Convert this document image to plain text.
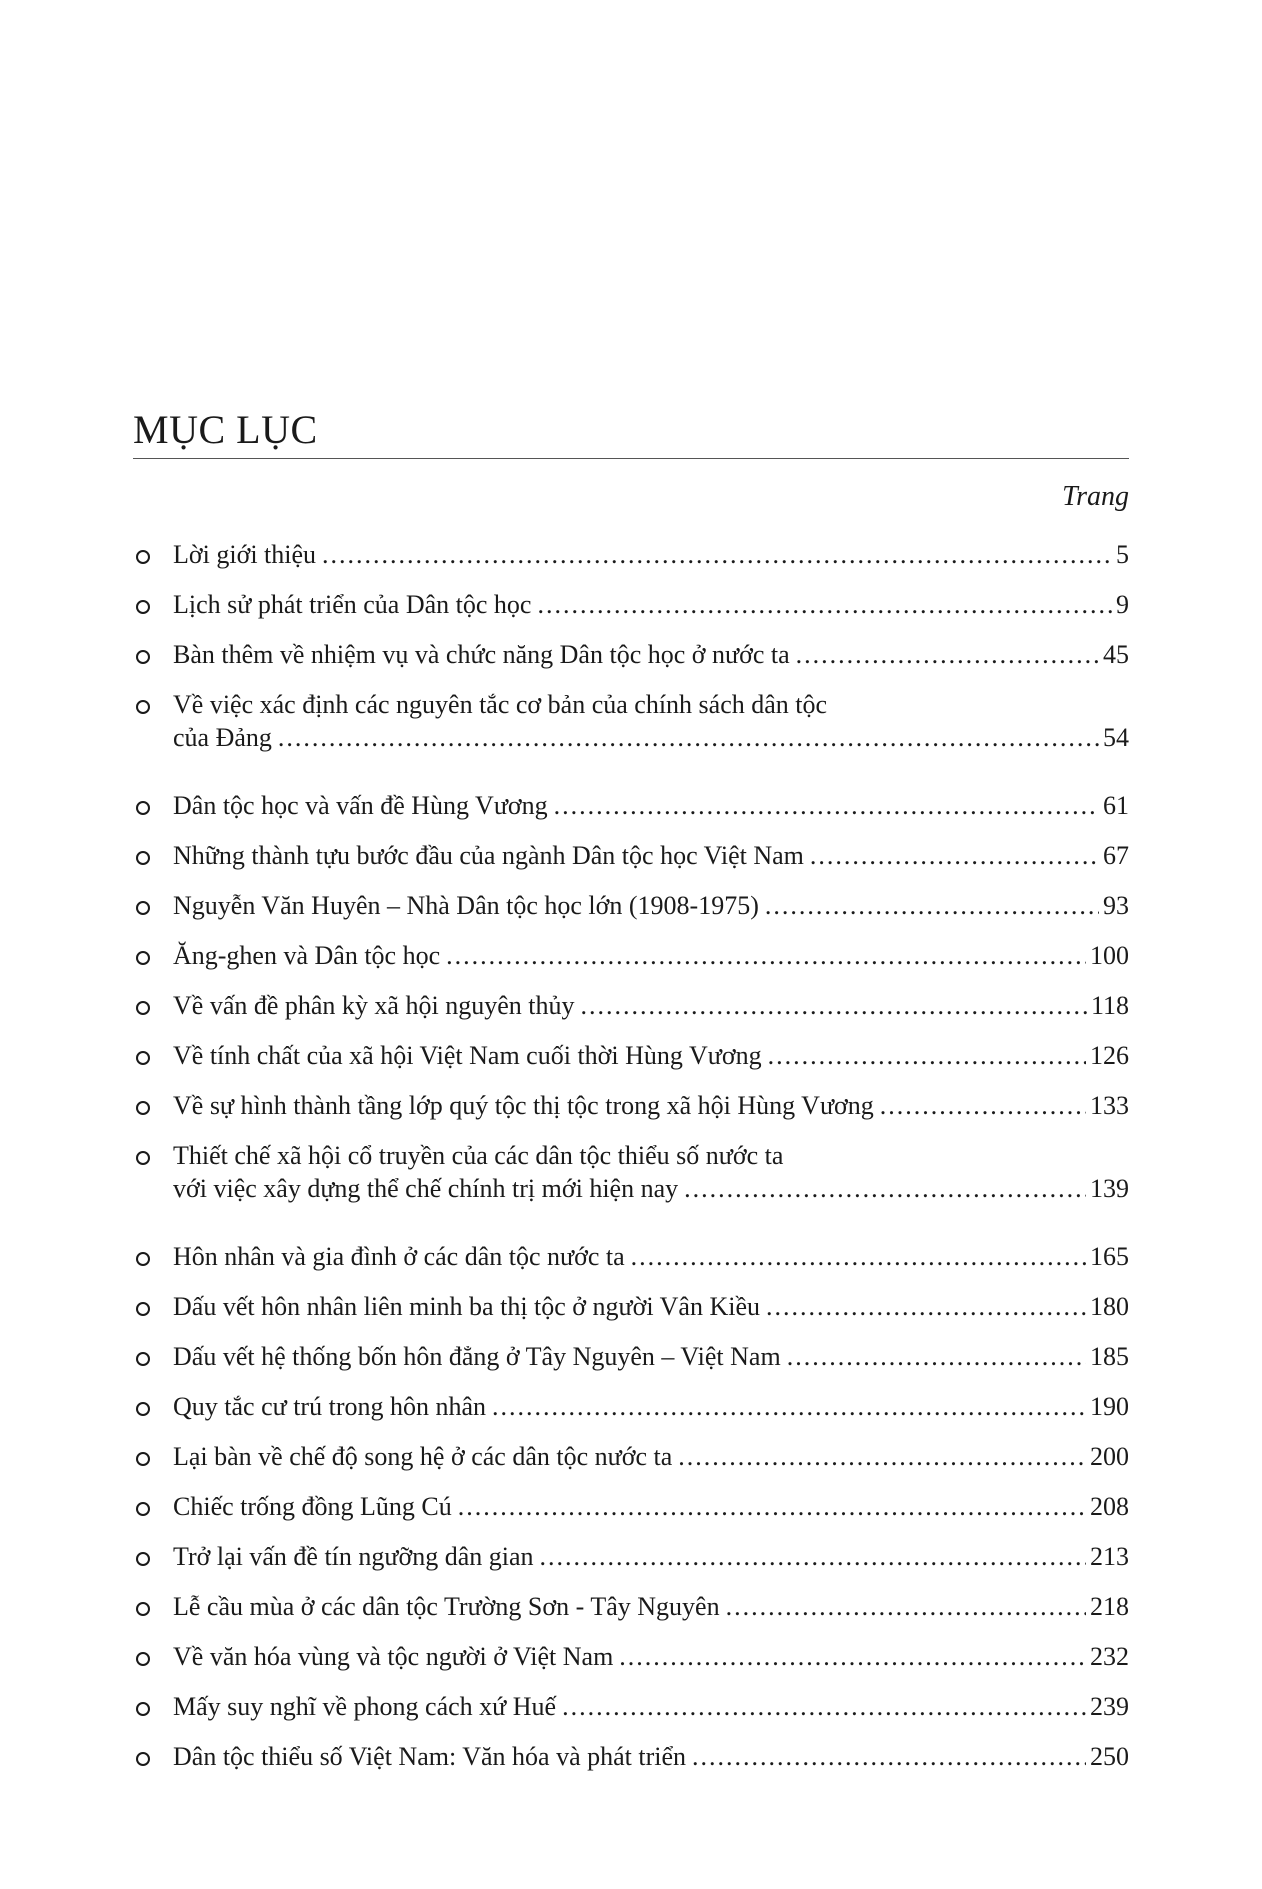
MỤC LỤC
Trang
Lời giới thiệu .....	5
Lịch sử phát triển của Dân tộc học .....	9
Bàn thêm về nhiệm vụ và chức năng Dân tộc học ở nước ta .....	45
Về việc xác định các nguyên tắc cơ bản của chính sách dân tộc
của Đảng .....	54
Dân tộc học và vấn đề Hùng Vương .....	61
Những thành tựu bước đầu của ngành Dân tộc học Việt Nam .....	67
Nguyễn Văn Huyên – Nhà Dân tộc học lớn (1908-1975) .....	93
Ăng-ghen và Dân tộc học .....	100
Về vấn đề phân kỳ xã hội nguyên thủy .....	118
Về tính chất của xã hội Việt Nam cuối thời Hùng Vương .....	126
Về sự hình thành tầng lớp quý tộc thị tộc trong xã hội Hùng Vương .....	133
Thiết chế xã hội cổ truyền của các dân tộc thiểu số nước ta
với việc xây dựng thể chế chính trị mới hiện nay .....	139
Hôn nhân và gia đình ở các dân tộc nước ta .....	165
Dấu vết hôn nhân liên minh ba thị tộc ở người Vân Kiều .....	180
Dấu vết hệ thống bốn hôn đẳng ở Tây Nguyên – Việt Nam .....	185
Quy tắc cư trú trong hôn nhân .....	190
Lại bàn về chế độ song hệ ở các dân tộc nước ta .....	200
Chiếc trống đồng Lũng Cú .....	208
Trở lại vấn đề tín ngưỡng dân gian .....	213
Lễ cầu mùa ở các dân tộc Trường Sơn - Tây Nguyên .....	218
Về văn hóa vùng và tộc người ở Việt Nam .....	232
Mấy suy nghĩ về phong cách xứ Huế .....	239
Dân tộc thiểu số Việt Nam: Văn hóa và phát triển .....	250
